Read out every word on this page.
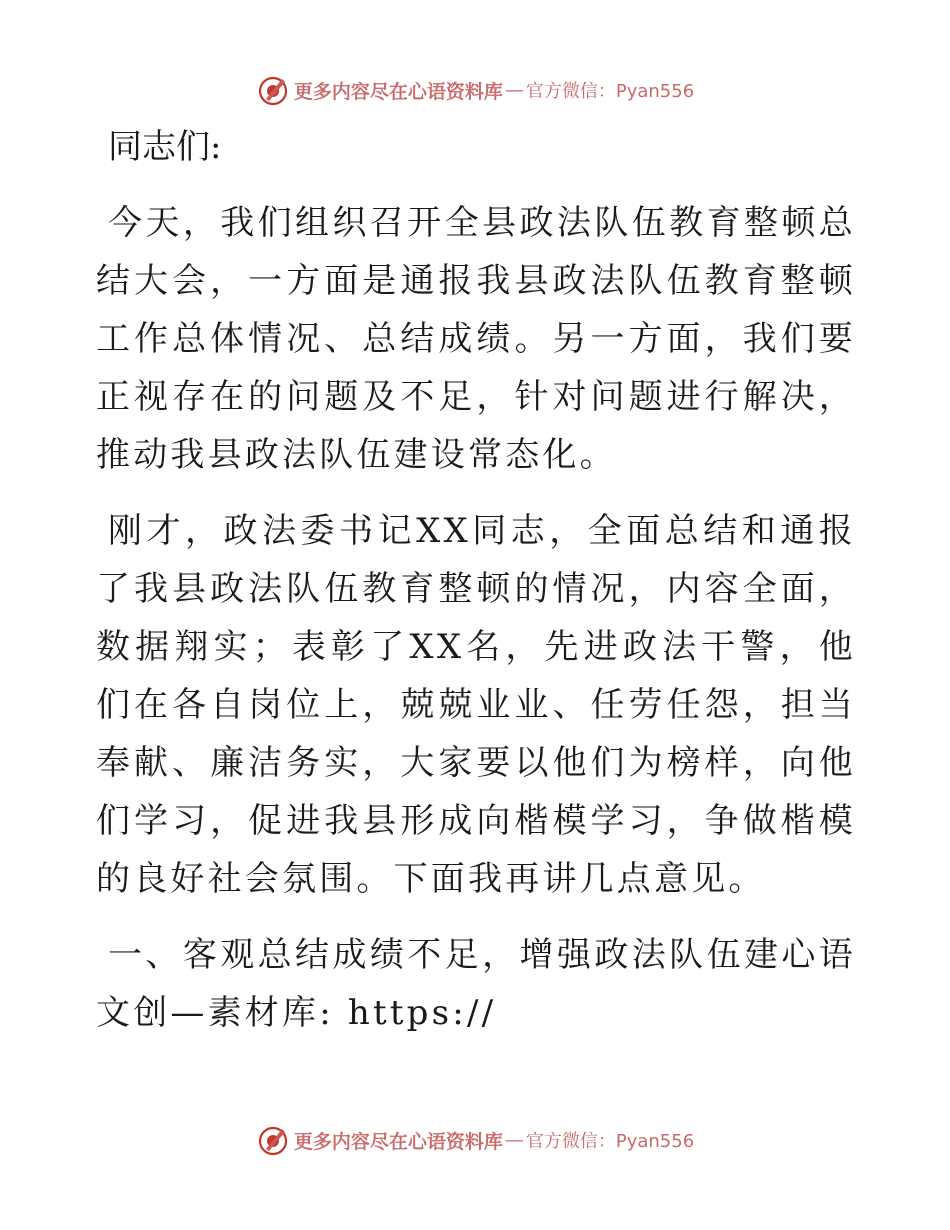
更多内容尽在心语资料库 — 官方微信：Pyan556
同志们:

今天，我们组织召开全县政法队伍教育整顿总结大会，一方面是通报我县政法队伍教育整顿工作总体情况、总结成绩。另一方面，我们要正视存在的问题及不足，针对问题进行解决，推动我县政法队伍建设常态化。

刚才，政法委书记XX同志，全面总结和通报了我县政法队伍教育整顿的情况，内容全面，数据翔实；表彰了XX名，先进政法干警，他们在各自岗位上，兢兢业业、任劳任怨，担当奉献、廉洁务实，大家要以他们为榜样，向他们学习，促进我县形成向楷模学习，争做楷模的良好社会氛围。下面我再讲几点意见。

一、客观总结成绩不足，增强政法队伍建心语文创—素材库: https://

更多内容尽在心语资料库 — 官方微信：Pyan556
